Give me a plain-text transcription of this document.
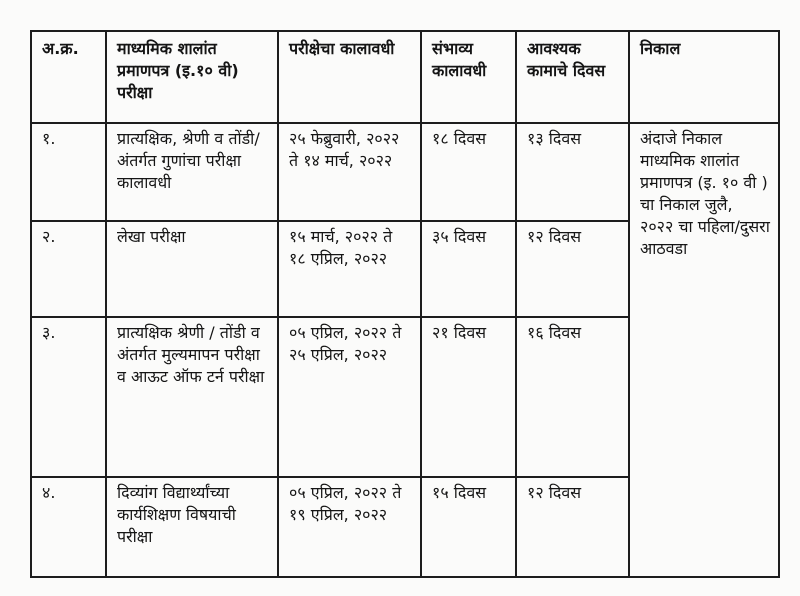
अ.क्र.	माध्यमिक शालांत प्रमाणपत्र (इ.१० वी) परीक्षा	परीक्षेचा कालावधी	संभाव्य कालावधी	आवश्यक कामाचे दिवस	निकाल
१.	प्रात्यक्षिक, श्रेणी व तोंडी/अंतर्गत गुणांचा परीक्षा कालावधी	२५ फेब्रुवारी, २०२२ ते १४ मार्च, २०२२	१८ दिवस	१३ दिवस	अंदाजे निकाल माध्यमिक शालांत प्रमाणपत्र (इ. १० वी ) चा निकाल जुलै, २०२२ चा पहिला/दुसरा आठवडा
२.	लेखा परीक्षा	१५ मार्च, २०२२ ते १८ एप्रिल, २०२२	३५ दिवस	१२ दिवस	
३.	प्रात्यक्षिक श्रेणी / तोंडी व अंतर्गत मुल्यमापन परीक्षा व आऊट ऑफ टर्न परीक्षा	०५ एप्रिल, २०२२ ते २५ एप्रिल, २०२२	२१ दिवस	१६ दिवस	
४.	दिव्यांग विद्यार्थ्यांच्या कार्यशिक्षण विषयाची परीक्षा	०५ एप्रिल, २०२२ ते १९ एप्रिल, २०२२	१५ दिवस	१२ दिवस	
